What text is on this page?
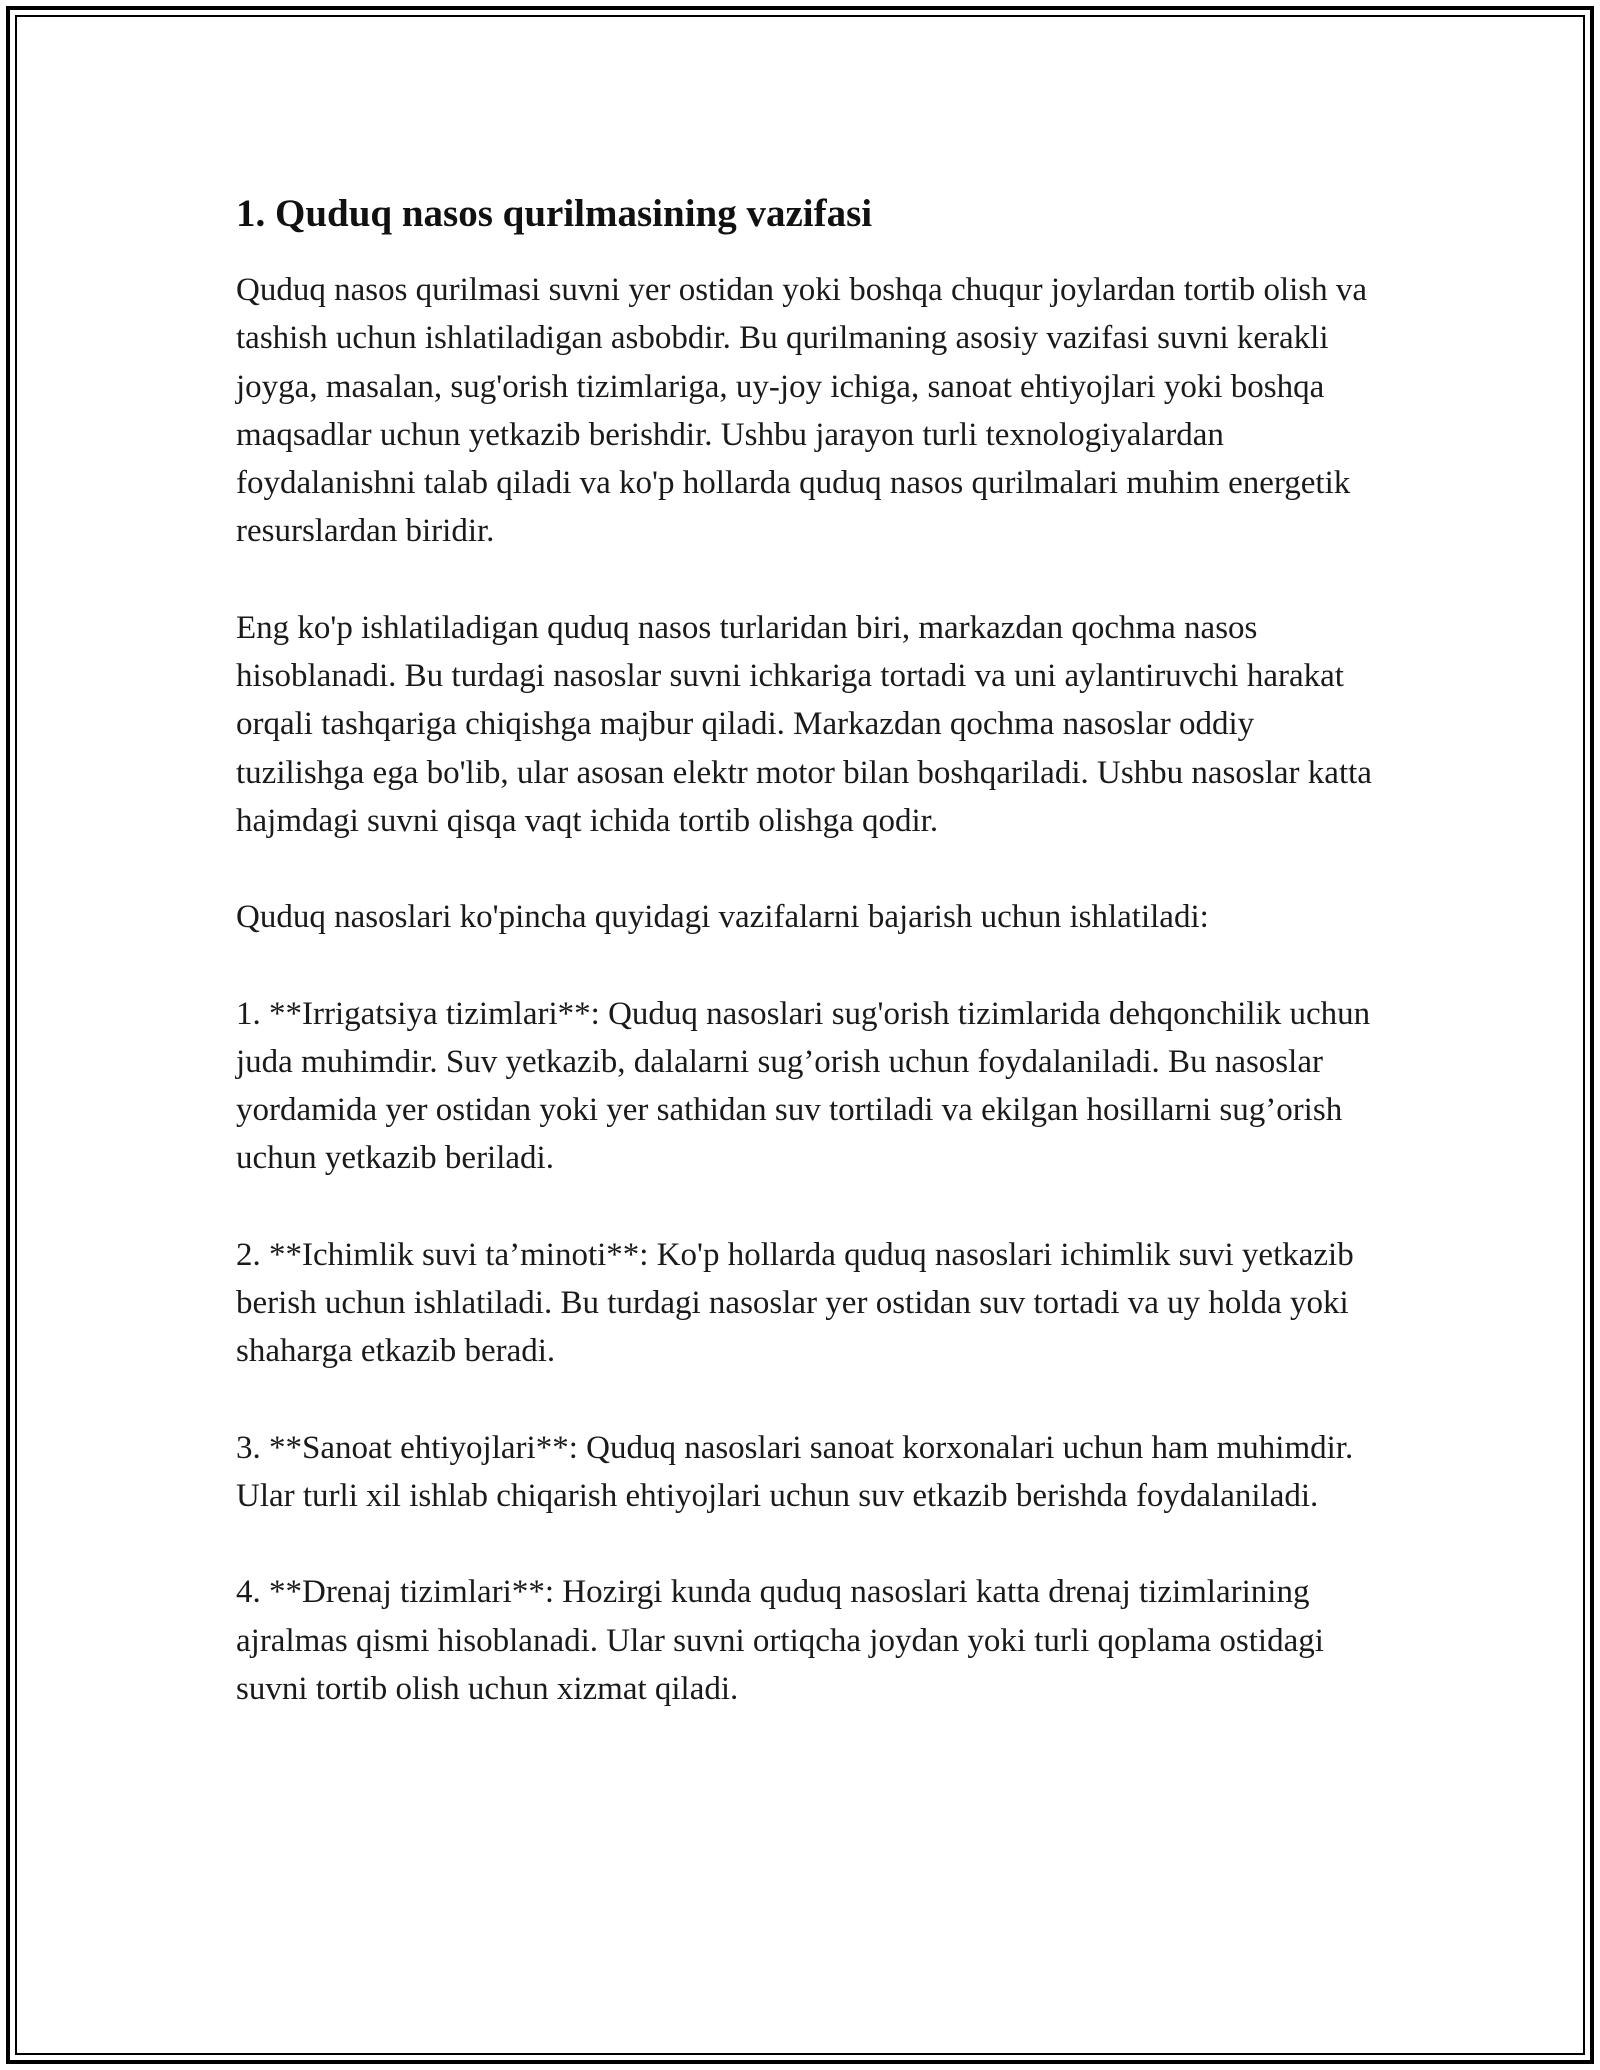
1. Quduq nasos qurilmasining vazifasi

Quduq nasos qurilmasi suvni yer ostidan yoki boshqa chuqur joylardan tortib olish va tashish uchun ishlatiladigan asbobdir. Bu qurilmaning asosiy vazifasi suvni kerakli joyga, masalan, sug'orish tizimlariga, uy-joy ichiga, sanoat ehtiyojlari yoki boshqa maqsadlar uchun yetkazib berishdir. Ushbu jarayon turli texnologiyalardan foydalanishni talab qiladi va ko'p hollarda quduq nasos qurilmalari muhim energetik resurslardan biridir.

Eng ko'p ishlatiladigan quduq nasos turlaridan biri, markazdan qochma nasos hisoblanadi. Bu turdagi nasoslar suvni ichkariga tortadi va uni aylantiruvchi harakat orqali tashqariga chiqishga majbur qiladi. Markazdan qochma nasoslar oddiy tuzilishga ega bo'lib, ular asosan elektr motor bilan boshqariladi. Ushbu nasoslar katta hajmdagi suvni qisqa vaqt ichida tortib olishga qodir.

Quduq nasoslari ko'pincha quyidagi vazifalarni bajarish uchun ishlatiladi:

1. **Irrigatsiya tizimlari**: Quduq nasoslari sug'orish tizimlarida dehqonchilik uchun juda muhimdir. Suv yetkazib, dalalarni sug’orish uchun foydalaniladi. Bu nasoslar yordamida yer ostidan yoki yer sathidan suv tortiladi va ekilgan hosillarni sug’orish uchun yetkazib beriladi.

2. **Ichimlik suvi ta’minoti**: Ko'p hollarda quduq nasoslari ichimlik suvi yetkazib berish uchun ishlatiladi. Bu turdagi nasoslar yer ostidan suv tortadi va uy holda yoki shaharga etkazib beradi.

3. **Sanoat ehtiyojlari**: Quduq nasoslari sanoat korxonalari uchun ham muhimdir. Ular turli xil ishlab chiqarish ehtiyojlari uchun suv etkazib berishda foydalaniladi.

4. **Drenaj tizimlari**: Hozirgi kunda quduq nasoslari katta drenaj tizimlarining ajralmas qismi hisoblanadi. Ular suvni ortiqcha joydan yoki turli qoplama ostidagi suvni tortib olish uchun xizmat qiladi.
